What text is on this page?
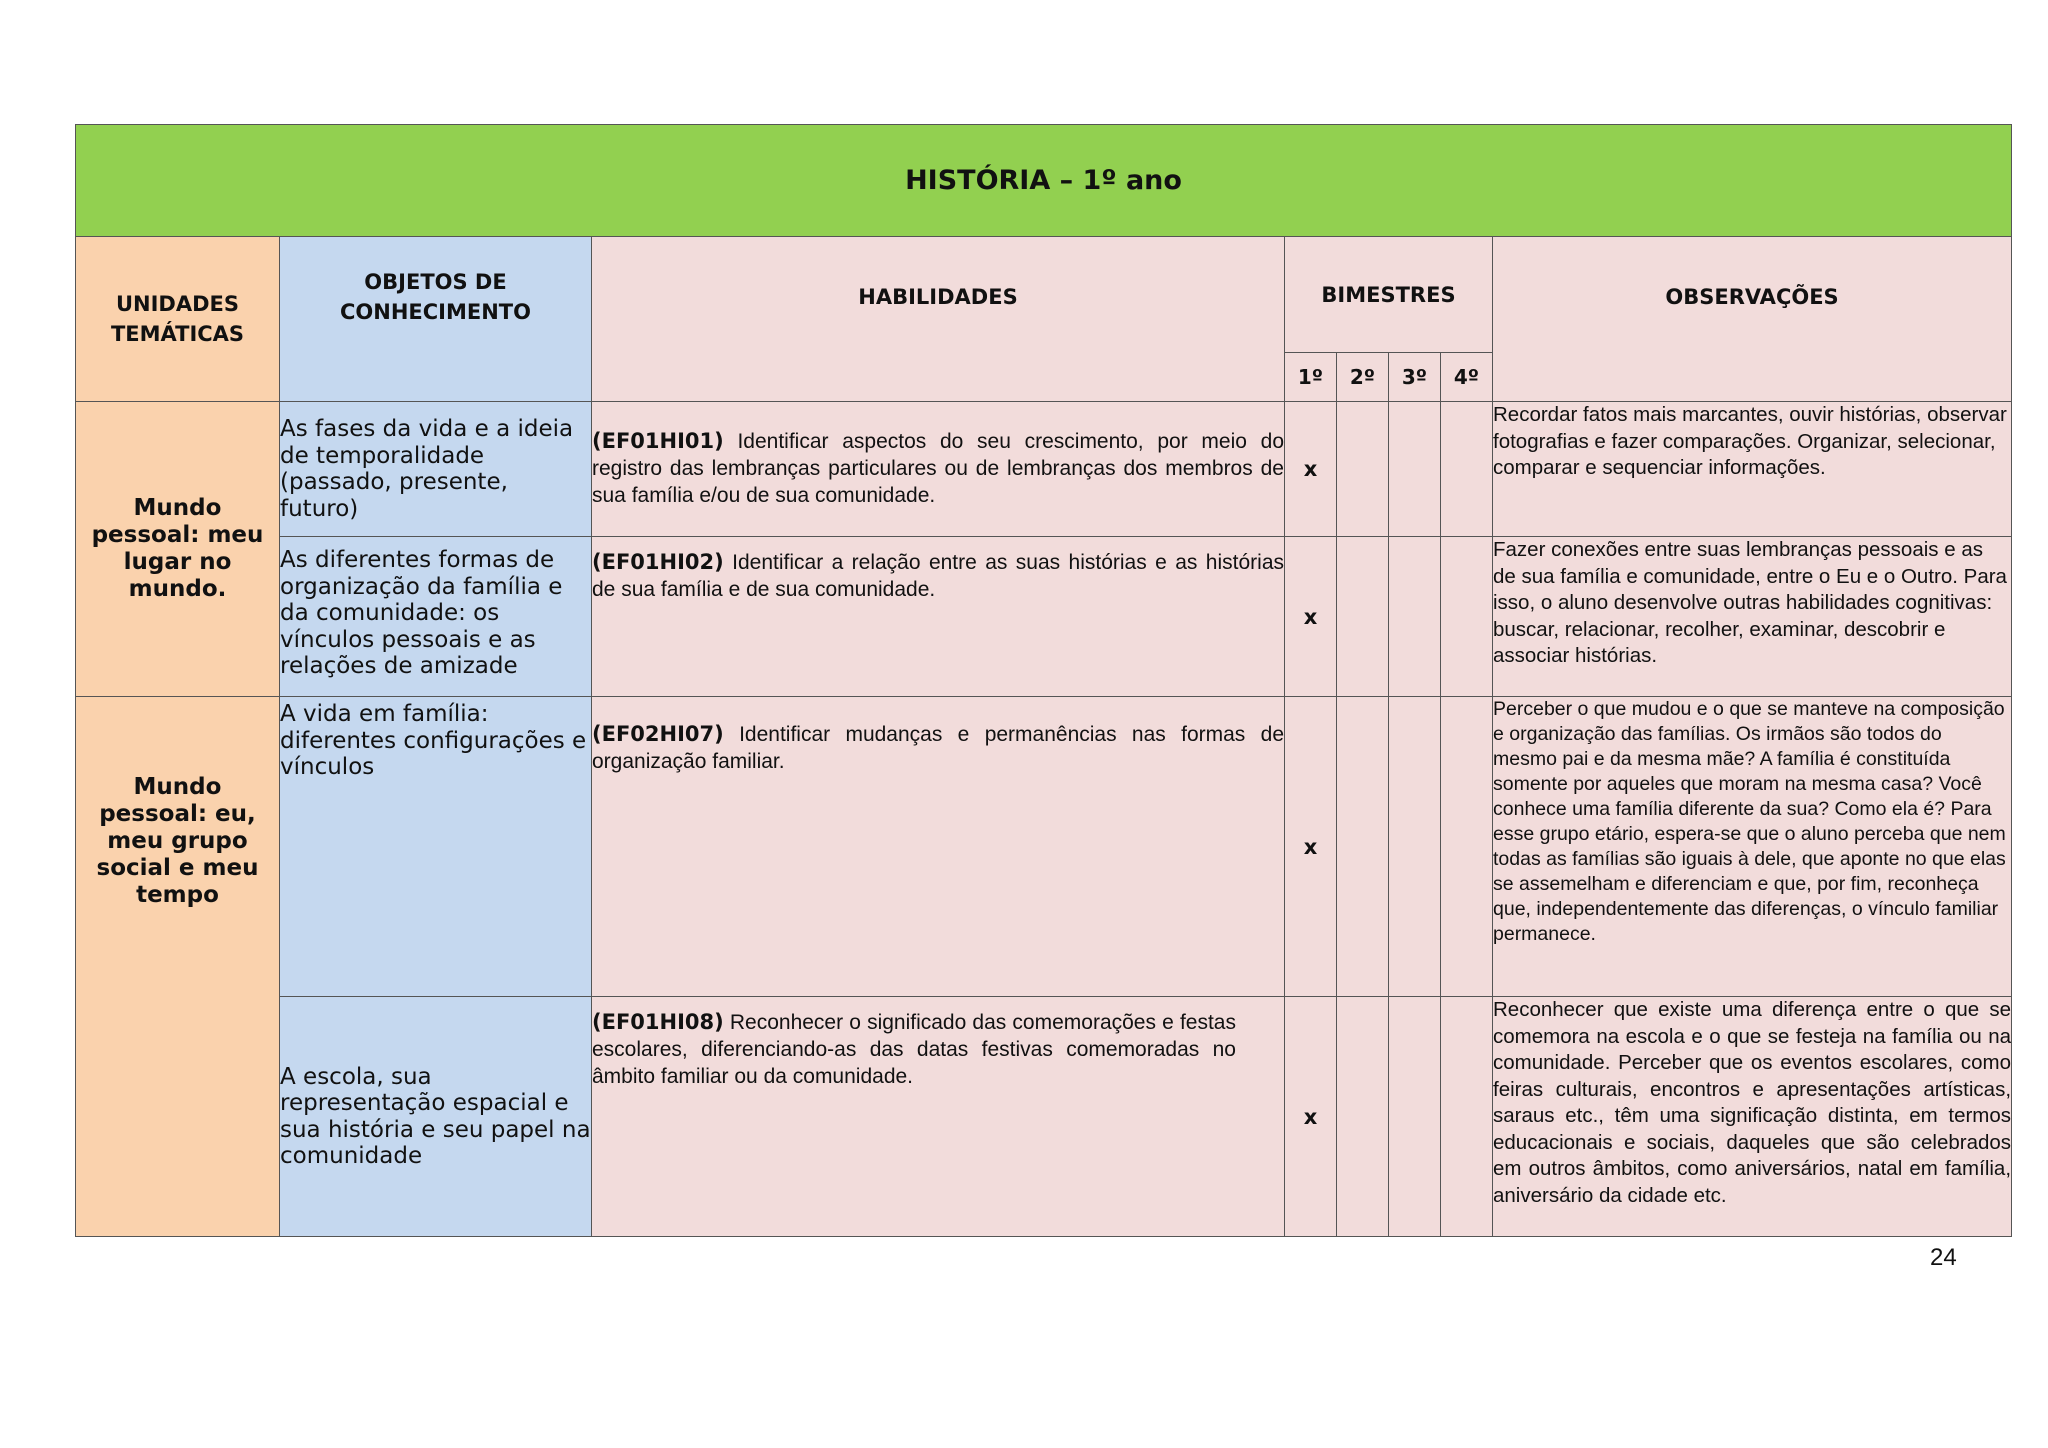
HISTÓRIA – 1º ano							
UNIDADES TEMÁTICAS	OBJETOS DE CONHECIMENTO	HABILIDADES	BIMESTRES				OBSERVAÇÕES
			1º	2º	3º	4º	
Mundo pessoal: meu lugar no mundo.	As fases da vida e a ideia de temporalidade (passado, presente, futuro)	(EF01HI01) Identificar aspectos do seu crescimento, por meio do registro das lembranças particulares ou de lembranças dos membros de sua família e/ou de sua comunidade.	x				Recordar fatos mais marcantes, ouvir histórias, observar fotografias e fazer comparações. Organizar, selecionar, comparar e sequenciar informações.
	As diferentes formas de organização da família e da comunidade: os vínculos pessoais e as relações de amizade	(EF01HI02) Identificar a relação entre as suas histórias e as histórias de sua família e de sua comunidade.	x				Fazer conexões entre suas lembranças pessoais e as de sua família e comunidade, entre o Eu e o Outro. Para isso, o aluno desenvolve outras habilidades cognitivas: buscar, relacionar, recolher, examinar, descobrir e associar histórias.
Mundo pessoal: eu, meu grupo social e meu tempo	A vida em família: diferentes configurações e vínculos	(EF02HI07) Identificar mudanças e permanências nas formas de organização familiar.	x				Perceber o que mudou e o que se manteve na composição e organização das famílias. Os irmãos são todos do mesmo pai e da mesma mãe? A família é constituída somente por aqueles que moram na mesma casa? Você conhece uma família diferente da sua? Como ela é? Para esse grupo etário, espera-se que o aluno perceba que nem todas as famílias são iguais à dele, que aponte no que elas se assemelham e diferenciam e que, por fim, reconheça que, independentemente das diferenças, o vínculo familiar permanece.
	A escola, sua representação espacial e sua história e seu papel na comunidade	(EF01HI08) Reconhecer o significado das comemorações e festas escolares, diferenciando-as das datas festivas comemoradas no âmbito familiar ou da comunidade.	x				Reconhecer que existe uma diferença entre o que se comemora na escola e o que se festeja na família ou na comunidade. Perceber que os eventos escolares, como feiras culturais, encontros e apresentações artísticas, saraus etc., têm uma significação distinta, em termos educacionais e sociais, daqueles que são celebrados em outros âmbitos, como aniversários, natal em família, aniversário da cidade etc.
24
